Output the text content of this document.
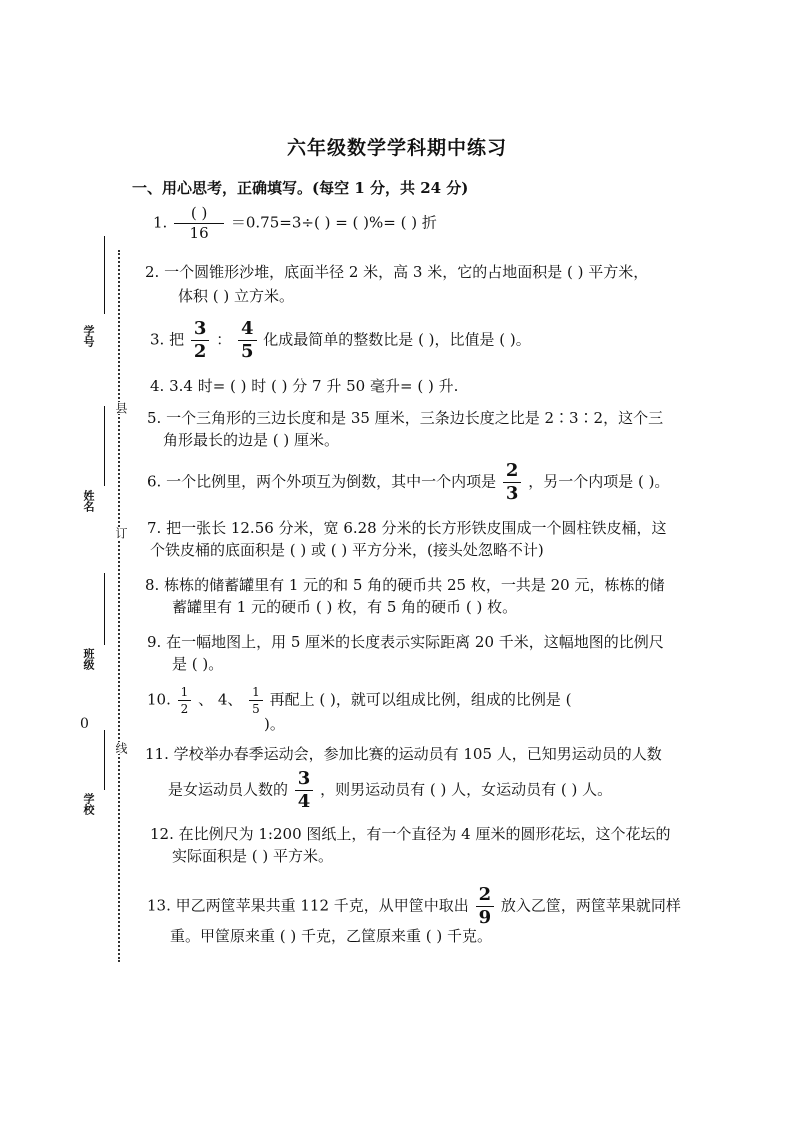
六年级数学学科期中练习
一、用心思考，正确填写。(每空 1 分，共 24 分)
学号
姓名
班级
0
学校
县
订
线
1. $\frac{( )}{16} =0.75=3\div$( ) = ( )%= ( ) 折
2. 一个圆锥形沙堆，底面半径 2 米，高 3 米，它的占地面积是 ( ) 平方米，
体积 ( ) 立方米。
3. 把 $\frac{3}{2}$ ： $\frac{4}{5}$ 化成最简单的整数比是 ( )，比值是 ( )。
4. 3.4 时= ( ) 时 ( ) 分 7 升 50 毫升= ( ) 升.
5. 一个三角形的三边长度和是 35 厘米，三条边长度之比是 2∶3∶2，这个三
角形最长的边是 ( ) 厘米。
6. 一个比例里，两个外项互为倒数，其中一个内项是 $\frac{2}{3}$ ，另一个内项是 ( )。
7. 把一张长 12.56 分米，宽 6.28 分米的长方形铁皮围成一个圆柱铁皮桶，这
个铁皮桶的底面积是 ( ) 或 ( ) 平方分米，(接头处忽略不计)
8. 栋栋的储蓄罐里有 1 元的和 5 角的硬币共 25 枚，一共是 20 元，栋栋的储
蓄罐里有 1 元的硬币 ( ) 枚，有 5 角的硬币 ( ) 枚。
9. 在一幅地图上，用 5 厘米的长度表示实际距离 20 千米，这幅地图的比例尺
是 ( )。
10. $\frac{1}{2}$ 、 4、 $\frac{1}{5}$ 再配上 ( )，就可以组成比例，组成的比例是 (
)。
11. 学校举办春季运动会，参加比赛的运动员有 105 人，已知男运动员的人数
是女运动员人数的 $\frac{3}{4}$ ，则男运动员有 ( ) 人，女运动员有 ( ) 人。
12. 在比例尺为 1:200 图纸上，有一个直径为 4 厘米的圆形花坛，这个花坛的
实际面积是 ( ) 平方米。
13. 甲乙两筐苹果共重 112 千克，从甲筐中取出 $\frac{2}{9}$ 放入乙筐，两筐苹果就同样
重。甲筐原来重 ( ) 千克，乙筐原来重 ( ) 千克。
